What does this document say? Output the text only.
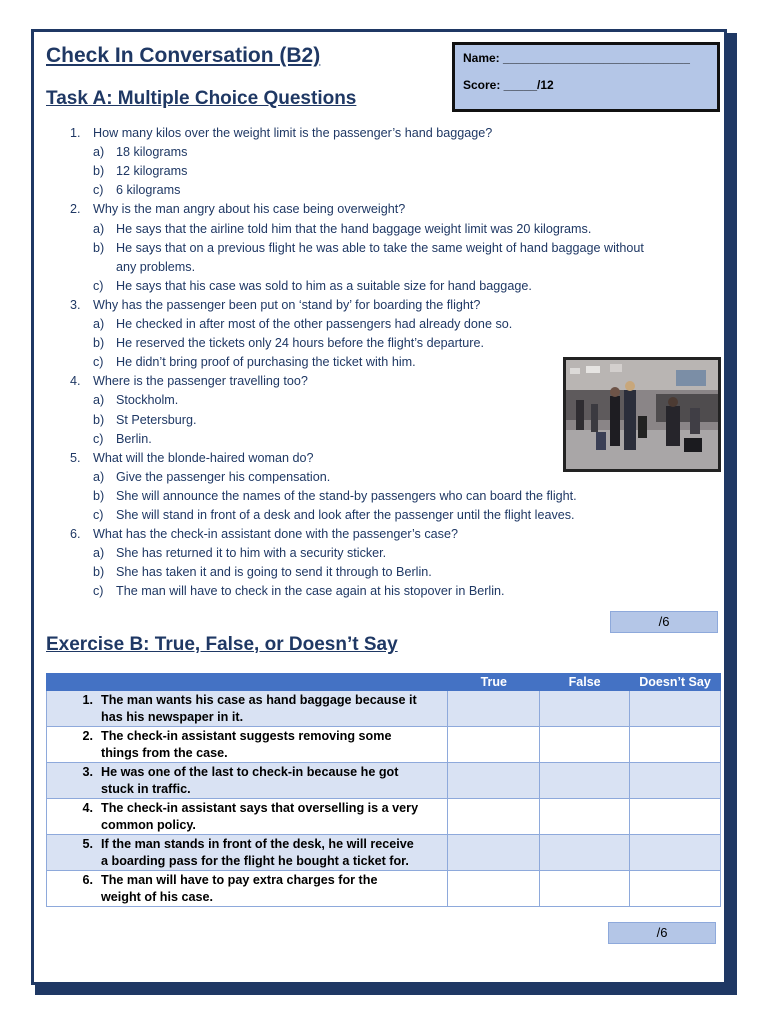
Check In Conversation (B2)	Name: ____________________________
Score: _____/12
Task A: Multiple Choice Questions
1. How many kilos over the weight limit is the passenger’s hand baggage?
a) 18 kilograms
b) 12 kilograms
c) 6 kilograms
2. Why is the man angry about his case being overweight?
a) He says that the airline told him that the hand baggage weight limit was 20 kilograms.
b) He says that on a previous flight he was able to take the same weight of hand baggage without
any problems.
c) He says that his case was sold to him as a suitable size for hand baggage.
3. Why has the passenger been put on ‘stand by’ for boarding the flight?
a) He checked in after most of the other passengers had already done so.
b) He reserved the tickets only 24 hours before the flight’s departure.
c) He didn’t bring proof of purchasing the ticket with him.
4. Where is the passenger travelling too?
a) Stockholm.
b) St Petersburg.
c) Berlin.
5. What will the blonde-haired woman do?
a) Give the passenger his compensation.
b) She will announce the names of the stand-by passengers who can board the flight.
c) She will stand in front of a desk and look after the passenger until the flight leaves.
6. What has the check-in assistant done with the passenger’s case?
a) She has returned it to him with a security sticker.
b) She has taken it and is going to send it through to Berlin.
c) The man will have to check in the case again at his stopover in Berlin.
/6
Exercise B: True, False, or Doesn’t Say
	True	False	Doesn’t Say

1. The man wants his case as hand baggage because it
has his newspaper in it.			

2. The check-in assistant suggests removing some
things from the case.			

3. He was one of the last to check-in because he got
stuck in traffic.			

4. The check-in assistant says that overselling is a very
common policy.			

5. If the man stands in front of the desk, he will receive
a boarding pass for the flight he bought a ticket for.			

6. The man will have to pay extra charges for the
weight of his case.			

/6
